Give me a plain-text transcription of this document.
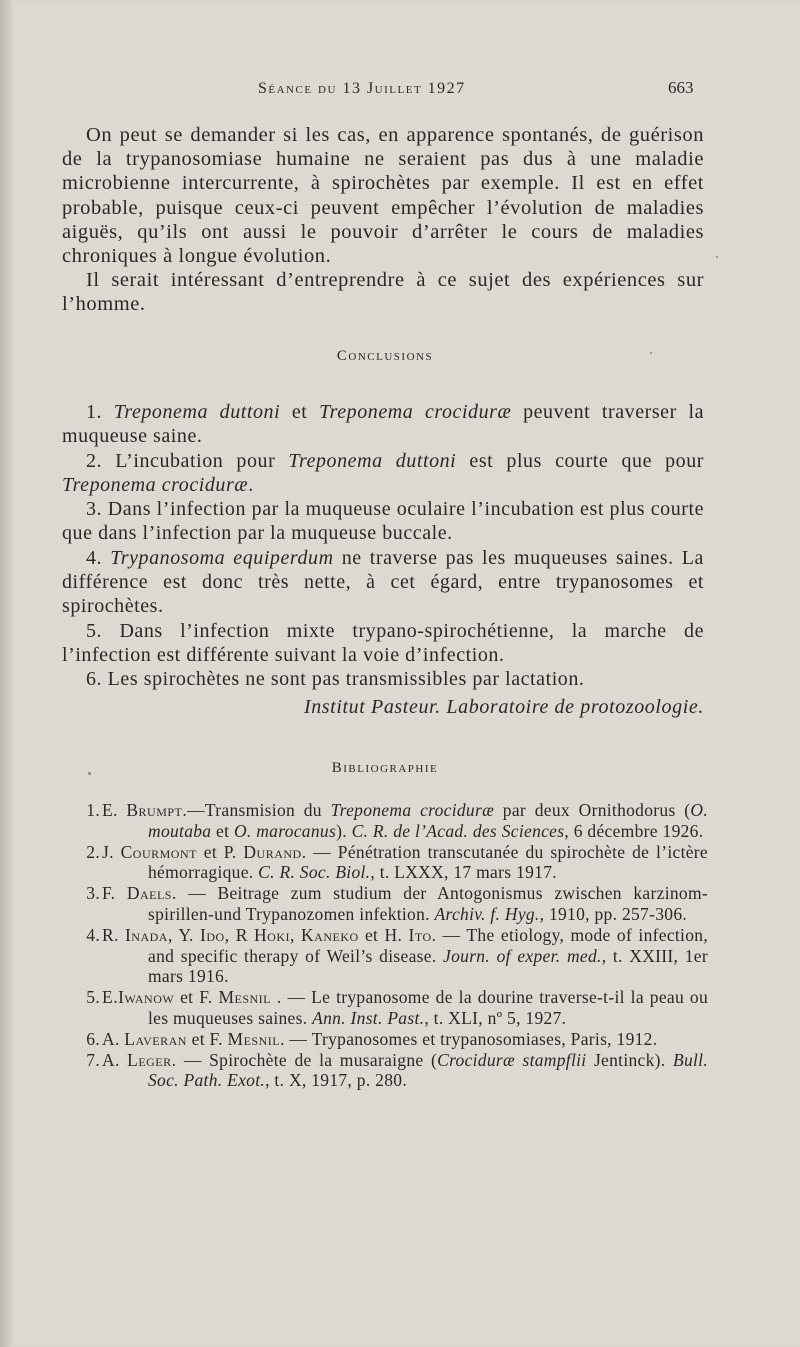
Séance du 13 Juillet 1927	663

On peut se demander si les cas, en apparence spontanés, de guérison de la trypanosomiase humaine ne seraient pas dus à une maladie microbienne intercurrente, à spirochètes par exemple. Il est en effet probable, puisque ceux-ci peuvent empêcher l’évolution de maladies aiguës, qu’ils ont aussi le pouvoir d’arrêter le cours de maladies chroniques à longue évolution.

Il serait intéressant d’entreprendre à ce sujet des expériences sur l’homme.

Conclusions

1. Treponema duttoni et Treponema crociduræ peuvent traverser la muqueuse saine.

2. L’incubation pour Treponema duttoni est plus courte que pour Treponema crociduræ.

3. Dans l’infection par la muqueuse oculaire l’incubation est plus courte que dans l’infection par la muqueuse buccale.

4. Trypanosoma equiperdum ne traverse pas les muqueuses saines. La différence est donc très nette, à cet égard, entre trypanosomes et spirochètes.

5. Dans l’infection mixte trypano-spirochétienne, la marche de l’infection est différente suivant la voie d’infection.

6. Les spirochètes ne sont pas transmissibles par lactation.

Institut Pasteur. Laboratoire de protozoologie.
Bibliographie

1. E. Brumpt.—Transmision du Treponema crociduræ par deux Ornithodorus (O. moutaba et O. marocanus). C. R. de l’Acad. des Sciences, 6 décembre 1926.

2. J. Courmont et P. Durand. — Pénétration transcutanée du spirochète de l’ictère hémorragique. C. R. Soc. Biol., t. LXXX, 17 mars 1917.

3. F. Daels. — Beitrage zum studium der Antogonismus zwischen karzinom-spirillen-und Trypanozomen infektion. Archiv. f. Hyg., 1910, pp. 257-306.

4. R. Inada, Y. Ido, R Hoki, Kaneko et H. Ito. — The etiology, mode of infection, and specific therapy of Weil’s disease. Journ. of exper. med., t. XXIII, 1er mars 1916.

5. E.Iwanow et F. Mesnil . — Le trypanosome de la dourine traverse-t-il la peau ou les muqueuses saines. Ann. Inst. Past., t. XLI, nº 5, 1927.

6. A. Laveran et F. Mesnil. — Trypanosomes et trypanosomiases, Paris, 1912.

7. A. Leger. — Spirochète de la musaraigne (Crociduræ stampflii Jentinck). Bull. Soc. Path. Exot., t. X, 1917, p. 280.
